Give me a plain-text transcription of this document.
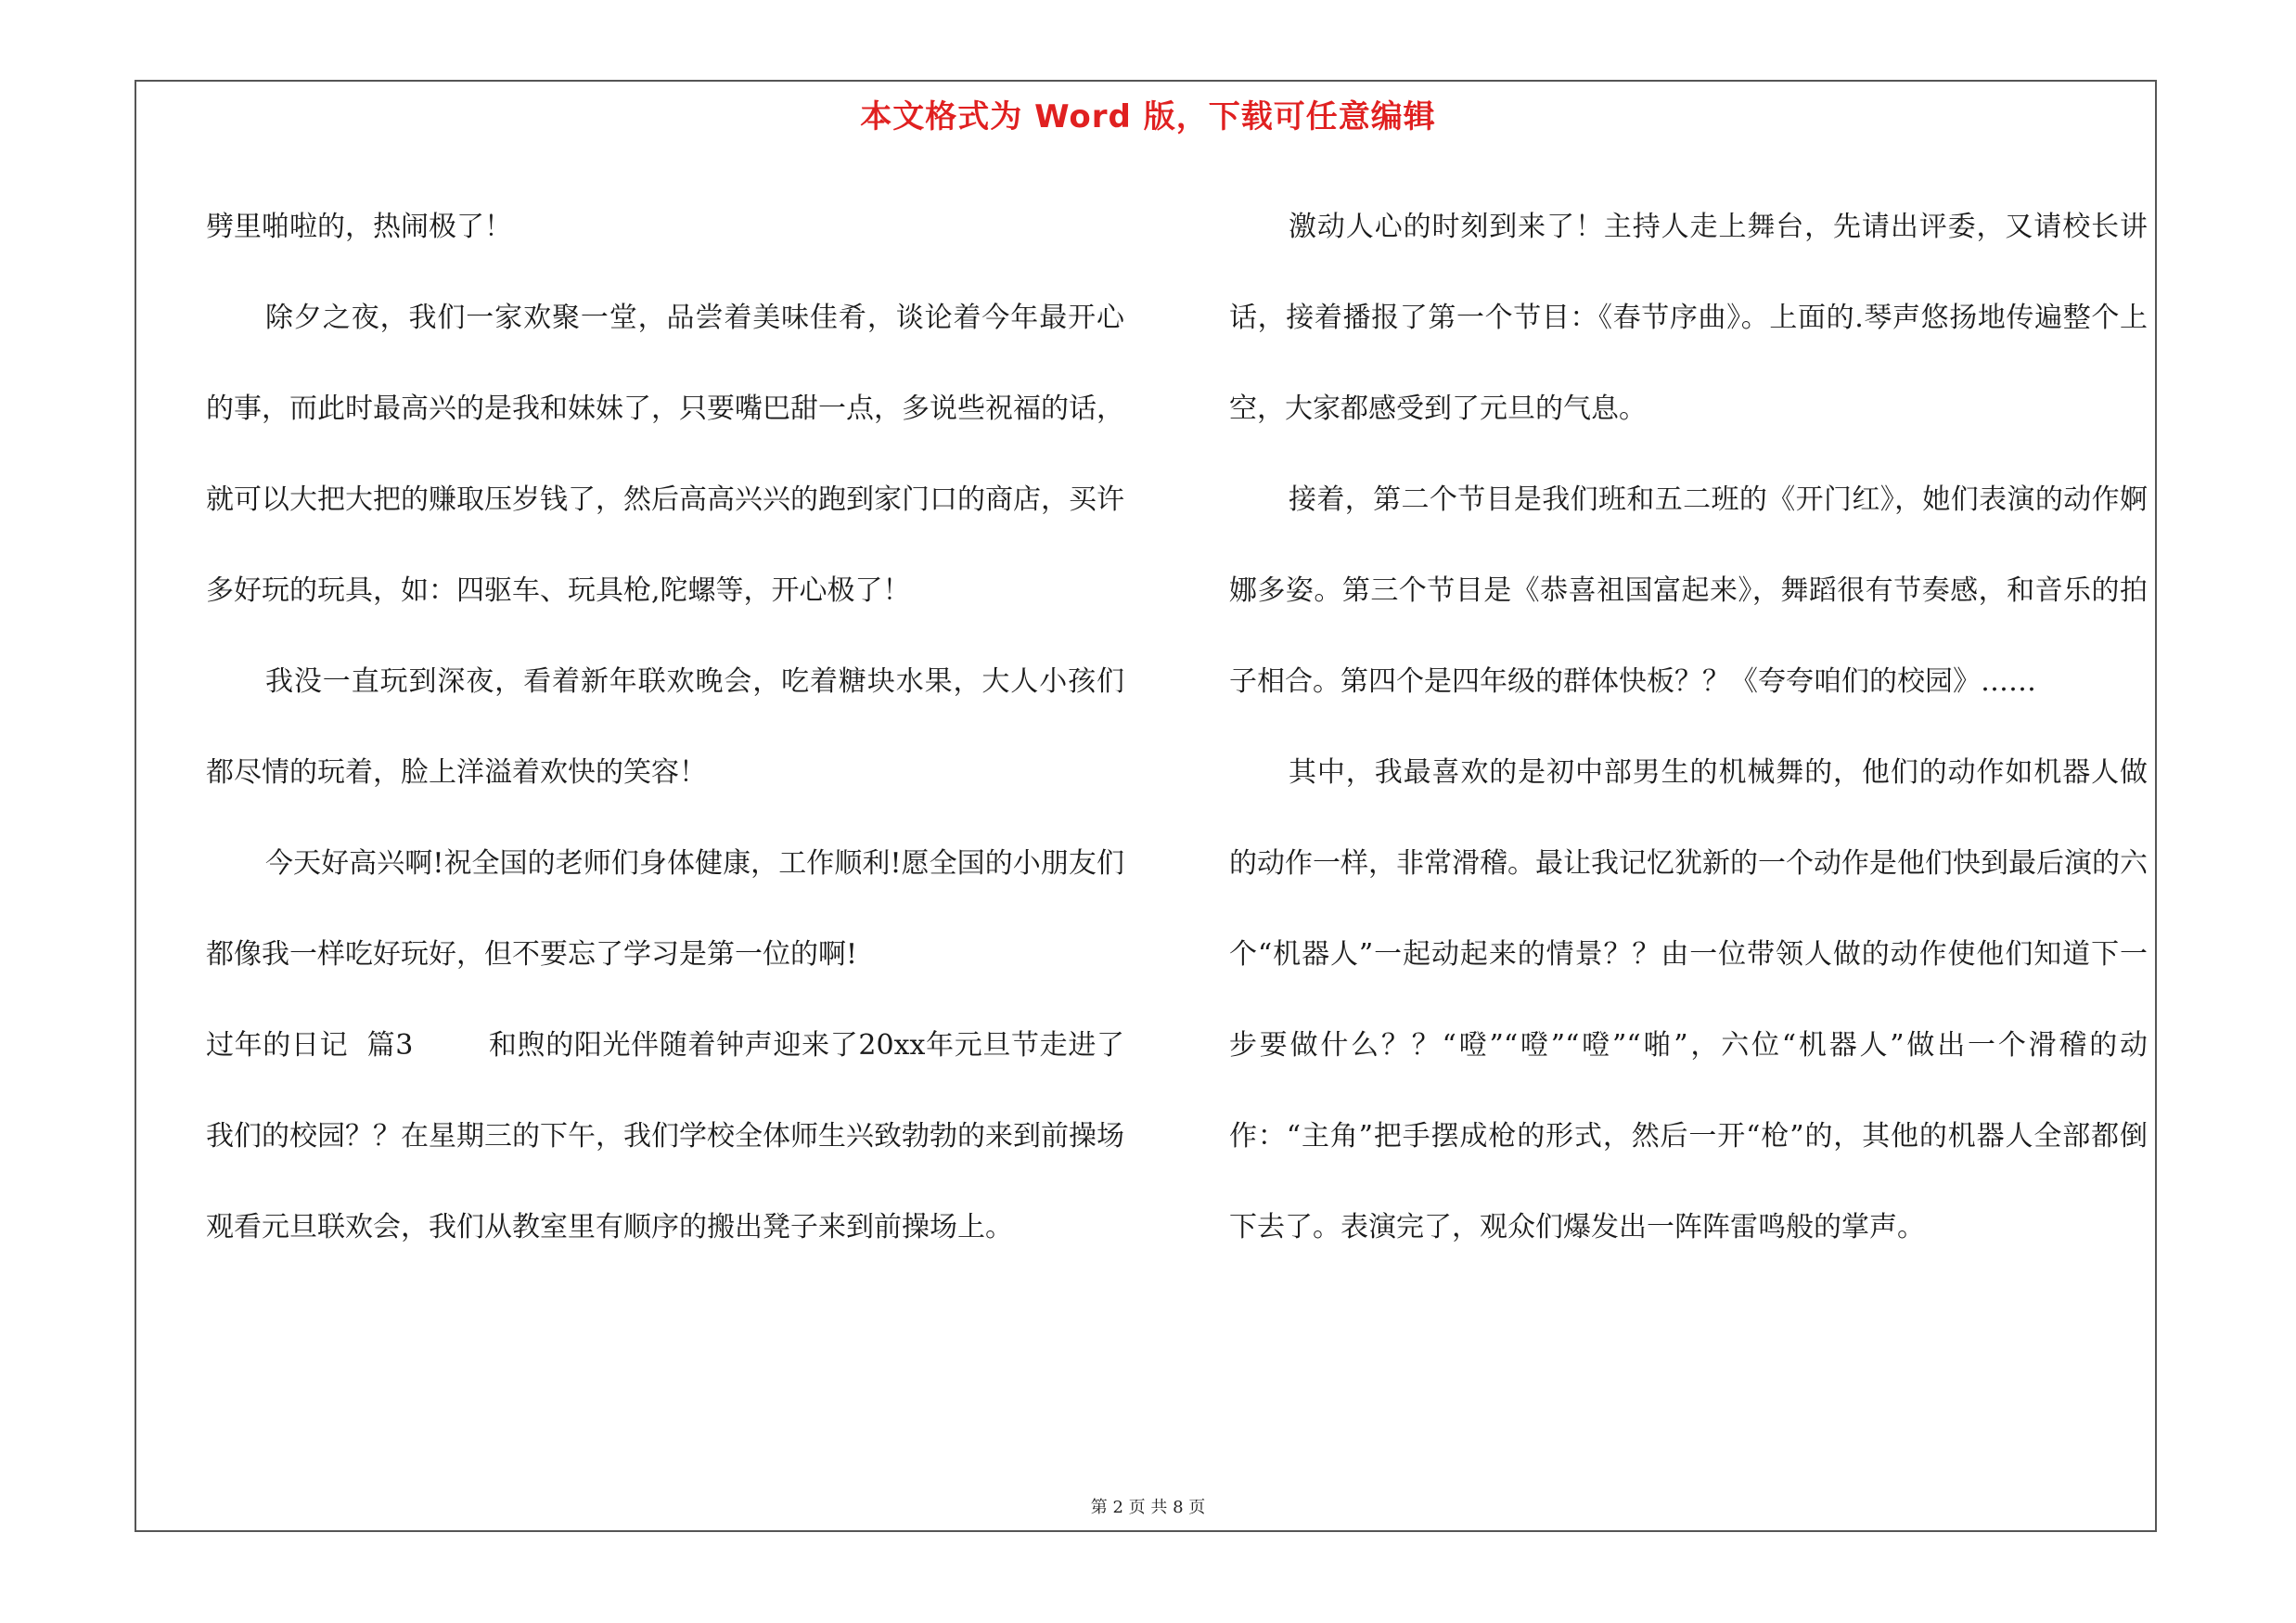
本文格式为 Word 版，下载可任意编辑

劈里啪啦的，热闹极了！

除夕之夜，我们一家欢聚一堂，品尝着美味佳肴，谈论着今年最开心的事，而此时最高兴的是我和妹妹了，只要嘴巴甜一点，多说些祝福的话，就可以大把大把的赚取压岁钱了，然后高高兴兴的跑到家门口的商店，买许多好玩的玩具，如：四驱车、玩具枪,陀螺等，开心极了！

我没一直玩到深夜，看着新年联欢晚会，吃着糖块水果，大人小孩们都尽情的玩着，脸上洋溢着欢快的笑容！

今天好高兴啊!祝全国的老师们身体健康，工作顺利!愿全国的小朋友们都像我一样吃好玩好，但不要忘了学习是第一位的啊!

过年的日记  篇3        和煦的阳光伴随着钟声迎来了20xx年元旦节走进了我们的校园？？在星期三的下午，我们学校全体师生兴致勃勃的来到前操场观看元旦联欢会，我们从教室里有顺序的搬出凳子来到前操场上。

激动人心的时刻到来了！主持人走上舞台，先请出评委，又请校长讲话，接着播报了第一个节目：《春节序曲》。上面的.琴声悠扬地传遍整个上空，大家都感受到了元旦的气息。

接着，第二个节目是我们班和五二班的《开门红》，她们表演的动作婀娜多姿。第三个节目是《恭喜祖国富起来》，舞蹈很有节奏感，和音乐的拍子相合。第四个是四年级的群体快板？？《夸夸咱们的校园》……

其中，我最喜欢的是初中部男生的机械舞的，他们的动作如机器人做的动作一样，非常滑稽。最让我记忆犹新的一个动作是他们快到最后演的六个“机器人”一起动起来的情景？？由一位带领人做的动作使他们知道下一步要做什么？？“噔”“噔”“噔”“啪”，六位“机器人”做出一个滑稽的动作：“主角”把手摆成枪的形式，然后一开“枪”的，其他的机器人全部都倒下去了。表演完了，观众们爆发出一阵阵雷鸣般的掌声。

第 2 页 共 8 页
